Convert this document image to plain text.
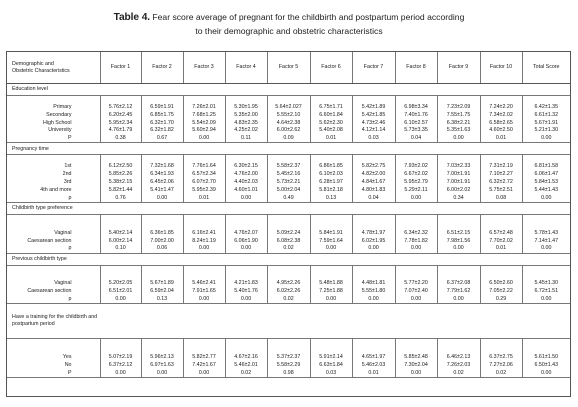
Table 4. Fear score average of pregnant for the childbirth and postpartum period according
to their demographic and obstetric characteristics
Demographic and
Obstetric Characteristics	Factor 1	Factor 2	Factor 3	Factor 4	Factor 5	Factor 6	Factor 7	Factor 8	Factor 9	Factor 10	Total Score
Education level											

Primary	5.76±2.12	6.59±1.91	7.26±2.01	5.30±1.95	5.64±2.027	6.75±1.71	5.42±1.89	6.98±3.34	7.23±2.09	7.24±2.20	6.42±1.35
Secondary	6.20±2.45	6.85±1.75	7.68±1.25	5.35±2.00	5.55±2.10	6.60±1.84	5.42±1.85	7.40±1.76	7.55±1.75	7.34±2.02	6.61±1.32
High School	5.95±2.34	6.32±1.70	5.54±2.09	4.83±2.35	4.64±2.38	5.62±2.30	4.73±2.46	6.10±2.57	6.38±2.21	6.58±2.65	5.67±1.91
University	4.76±1.79	6.32±1.82	5.60±2.94	4.25±2.02	6.00±2.62	5.40±2.08	4.12±1.14	5.73±3.35	5.35±1.63	4.60±2.50	5.21±1.30
P	0.38	0.67	0.00	0.11	0.09	0.01	0.03	0.04	0.00	0.01	0.00
Pregnancy time											

1st	6.12±2.50	7.32±1.68	7.76±1.64	6.30±2.15	5.58±2.37	6.86±1.85	5.82±2.75	7.93±2.02	7.03±2.33	7.31±2.19	6.81±1.58
2nd	5.85±2.26	6.34±1.93	6.57±2.34	4.76±2.00	5.45±2.16	6.10±2.03	4.82±2.00	6.67±2.02	7.00±1.91	7.10±2.27	6.06±1.47
3rd	5.38±2.15	6.45±2.06	6.07±2.70	4.40±2.03	5.73±2.21	6.28±1.97	4.84±1.67	5.95±2.79	7.00±1.91	6.32±2.72	5.84±1.53
4th and more	5.82±1.44	5.41±1.47	5.95±2.39	4.60±1.01	5.00±2.04	5.81±2.18	4.80±1.83	5.29±2.11	6.00±2.02	5.75±2.51	5.44±1.43
p	0.76	0.00	0.01	0.00	0.49	0.13	0.04	0.00	0.34	0.08	0.00
Childbirth type preference											

Vaginal	5.40±2.14	6.36±1.85	6.16±2.41	4.76±2.07	5.09±2.24	5.84±1.91	4.78±1.97	6.34±2.32	6.51±2.15	6.57±2.48	5.78±1.43
Caesarean section	6.00±2.14	7.00±2.00	8.24±1.19	6.06±1.90	6.08±2.38	7.59±1.64	6.02±1.95	7.78±1.82	7.98±1.56	7.70±2.02	7.14±1.47
p	0.10	0.06	0.00	0.00	0.02	0.00	0.00	0.00	0.00	0.01	0.00
Previous childbirth type											

Vaginal	5.20±2.05	5.67±1.89	5.46±2.41	4.21±1.83	4.95±2.26	5.48±1.88	4.48±1.81	5.77±2.20	6.37±2.08	6.50±2.60	5.45±1.30
Caesarean section	6.51±2.01	6.59±2.04	7.91±1.65	5.40±1.76	6.02±2.26	7.25±1.88	5.55±1.80	7.07±2.40	7.79±1.62	7.05±2.22	6.72±1.51
p	0.00	0.13	0.00	0.00	0.02	0.00	0.00	0.00	0.00	0.29	0.00
Have a training for the childbirth and postpartum period											

Yes	5.07±2.19	5.96±2.13	5.82±2.77	4.67±2.16	5.37±2.37	5.91±2.14	4.65±1.97	5.85±2.48	6.46±2.13	6.37±2.75	5.61±1.50
No	6.37±2.12	6.97±1.63	7.42±1.67	5.46±2.01	5.58±2.29	6.63±1.84	5.46±2.03	7.30±2.04	7.26±2.03	7.27±2.06	6.50±1.43
P	0.00	0.00	0.00	0.02	0.98	0.03	0.01	0.00	0.02	0.02	0.00
